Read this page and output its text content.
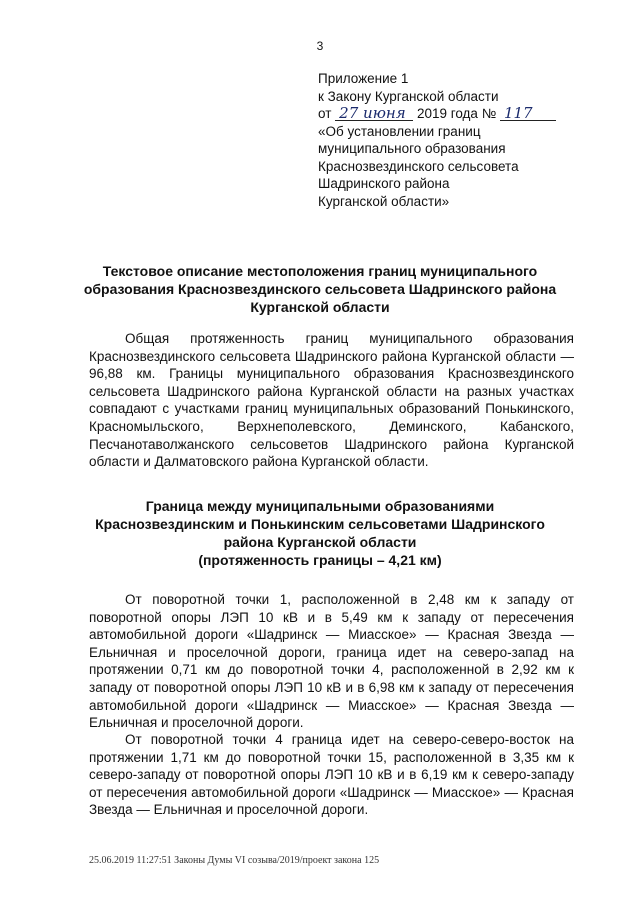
3
Приложение 1
к Закону Курганской области
от 27 июня 2019 года № 117
«Об установлении границ
муниципального образования
Краснозвездинского сельсовета
Шадринского района
Курганской области»
Текстовое описание местоположения границ муниципального образования Краснозвездинского сельсовета Шадринского района Курганской области

Общая протяженность границ муниципального образования Краснозвездинского сельсовета Шадринского района Курганской области — 96,88 км. Границы муниципального образования Краснозвездинского сельсовета Шадринского района Курганской области на разных участках совпадают с участками границ муниципальных образований Понькинского, Красномыльского, Верхнеполевского, Деминского, Кабанского, Песчанотаволжанского сельсоветов Шадринского района Курганской области и Далматовского района Курганской области.

Граница между муниципальными образованиями
Краснозвездинским и Понькинским сельсоветами Шадринского
района Курганской области
(протяженность границы – 4,21 км)

От поворотной точки 1, расположенной в 2,48 км к западу от поворотной опоры ЛЭП 10 кВ и в 5,49 км к западу от пересечения автомобильной дороги «Шадринск — Миасское» — Красная Звезда — Ельничная и проселочной дороги, граница идет на северо-запад на протяжении 0,71 км до поворотной точки 4, расположенной в 2,92 км к западу от поворотной опоры ЛЭП 10 кВ и в 6,98 км к западу от пересечения автомобильной дороги «Шадринск — Миасское» — Красная Звезда — Ельничная и проселочной дороги.

От поворотной точки 4 граница идет на северо-северо-восток на протяжении 1,71 км до поворотной точки 15, расположенной в 3,35 км к северо-западу от поворотной опоры ЛЭП 10 кВ и в 6,19 км к северо-западу от пересечения автомобильной дороги «Шадринск — Миасское» — Красная Звезда — Ельничная и проселочной дороги.

25.06.2019 11:27:51 Законы Думы VI созыва/2019/проект закона 125
